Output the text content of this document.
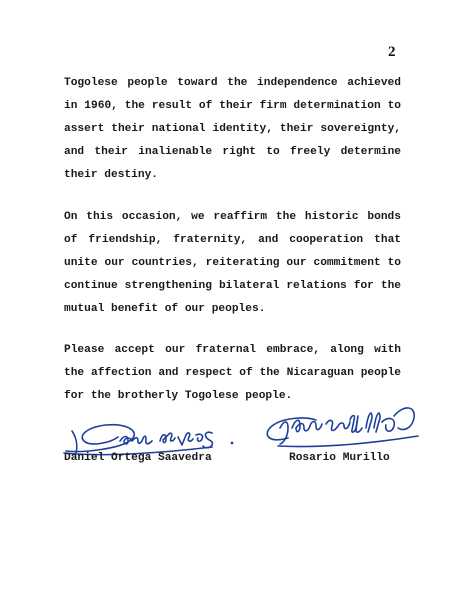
2

Togolese people toward the independence achieved in 1960, the result of their firm determination to assert their national identity, their sovereignty, and their inalienable right to freely determine their destiny.

On this occasion, we reaffirm the historic bonds of friendship, fraternity, and cooperation that unite our countries, reiterating our commitment to continue strengthening bilateral relations for the mutual benefit of our peoples.

Please accept our fraternal embrace, along with the affection and respect of the Nicaraguan people for the brotherly Togolese people.

Daniel Ortega Saavedra	Rosario Murillo
